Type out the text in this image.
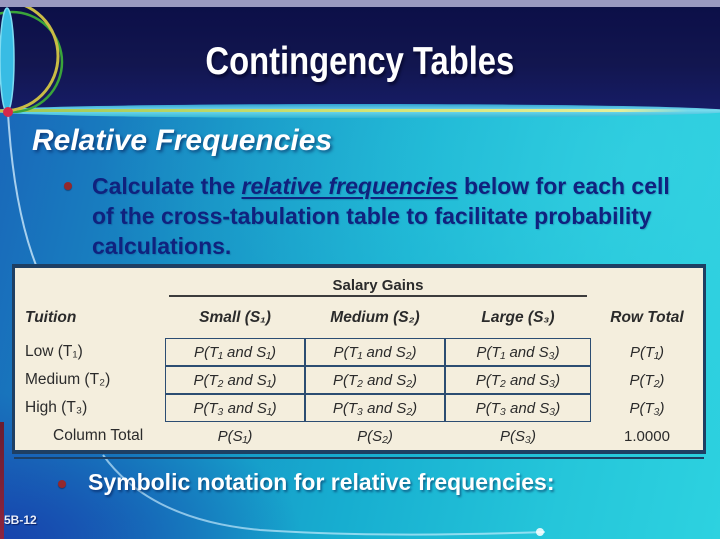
Contingency Tables
Relative Frequencies
Calculate the relative frequencies below for each cell of the cross-tabulation table to facilitate probability calculations.
Salary Gains
Tuition	Small (S₁)	Medium (S₂)	Large (S₃)	Row Total
Low (T₁)	P(T₁ and S₁)	P(T₁ and S₂)	P(T₁ and S₃)	P(T₁)
Medium (T₂)	P(T₂ and S₁)	P(T₂ and S₂)	P(T₂ and S₃)	P(T₂)
High (T₃)	P(T₃ and S₁)	P(T₃ and S₂)	P(T₃ and S₃)	P(T₃)
Column Total	P(S₁)	P(S₂)	P(S₃)	1.0000
Symbolic notation for relative frequencies:
5B-12
